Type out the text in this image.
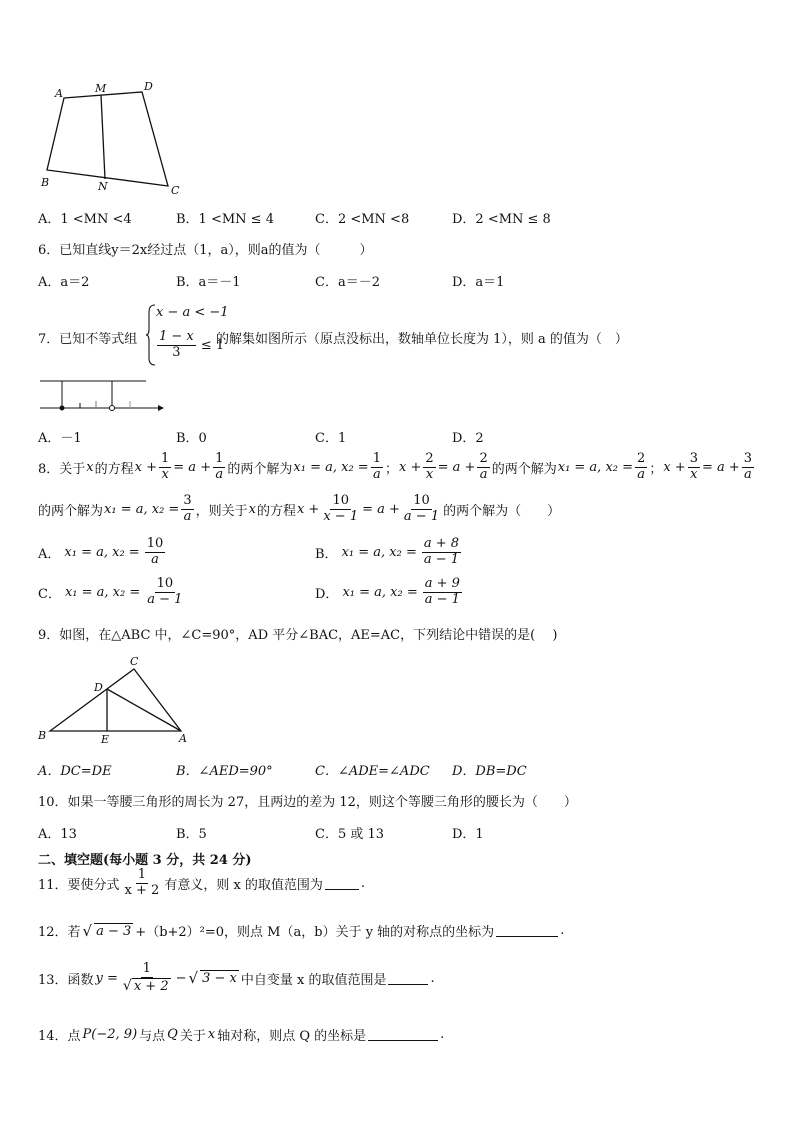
A	M	D
B	N	C
A．1 <MN <4	B．1 <MN ≤ 4	C．2 <MN <8	D．2 <MN ≤ 8
6．已知直线y＝2x经过点（1，a），则a的值为（　　　）
A．a＝2	B．a＝－1	C．a＝－2	D．a＝1
7．已知不等式组
x − a < −1
$\frac{1 - x}{3} \le 1$
的解集如图所示（原点没标出，数轴单位长度为 1），则 a 的值为（　）
A．－1	B．0	C．1	D．2
8．关于 x 的方程 $x + \frac{1}{x} = a + \frac{1}{a}$ 的两个解为 x₁ = a, $x_2 = \frac{1}{a}$ ； $x + \frac{2}{x} = a + \frac{2}{a}$ 的两个解为 x₁ = a, $x_2 = \frac{2}{a}$ ； $x + \frac{3}{x} = a + \frac{3}{a}$
的两个解为 x₁ = a, $x_2 = \frac{3}{a}$ ，则关于 x 的方程 $x + \frac{10}{x - 1} = a + \frac{10}{a - 1}$ 的两个解为（　　）
A． x₁ = a, $x_2 = \frac{10}{a}$	B． x₁ = a, $x_2 = \frac{a + 8}{a - 1}$
C． x₁ = a, $x_2 = \frac{10}{a - 1}$	D． x₁ = a, $x_2 = \frac{a + 9}{a - 1}$
9．如图，在△ABC 中，∠C=90°，AD 平分∠BAC，AE=AC，下列结论中错误的是(　 )
C
D
B	E	A
A．DC=DE	B．∠AED=90°	C．∠ADE=∠ADC D．DB=DC
10．如果一等腰三角形的周长为 27，且两边的差为 12，则这个等腰三角形的腰长为（　　）
A．13	B．5	C．5 或 13	D．1
二、填空题(每小题 3 分，共 24 分)
11．要使分式 $\frac{1}{x + 2}$ 有意义，则 x 的取值范围为	.
12．若 √ a − 3 +（b+2）²=0，则点 M（a，b）关于 y 轴的对称点的坐标为	.
13．函数 $y = \frac{1}{√ x + 2}$ − √ 3 − x 中自变量 x 的取值范围是	.
14．点 P(−2, 9) 与点 Q 关于 x 轴对称，则点 Q 的坐标是	.
